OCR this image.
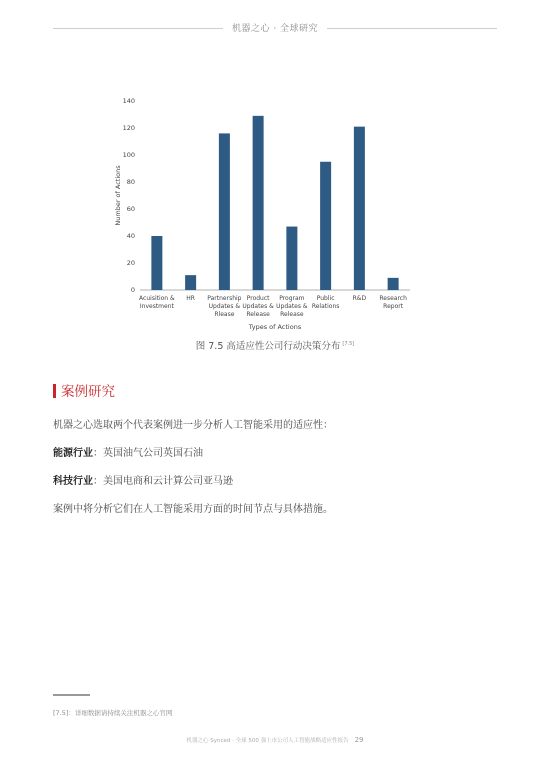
机器之心 · 全球研究
0
20
40
60
80
100
120
140
Acuisition &
Investment
HR Partnership
Updates &
Rlease
Product
Updates &
Release
Program
Updates &
Release
Public
Relations
R&D Research
Report
Types of Actions
Number of Actions
图 7.5 高适应性公司行动决策分布 [7.5]
案例研究
机器之心选取两个代表案例进一步分析人工智能采用的适应性：
能源行业：英国油气公司英国石油
科技行业：美国电商和云计算公司亚马逊
案例中将分析它们在人工智能采用方面的时间节点与具体措施。
[7.5]：详细数据请持续关注机器之心官网
机器之心 Synced · 全球 500 强上市公司人工智能战略适应性报告 29
